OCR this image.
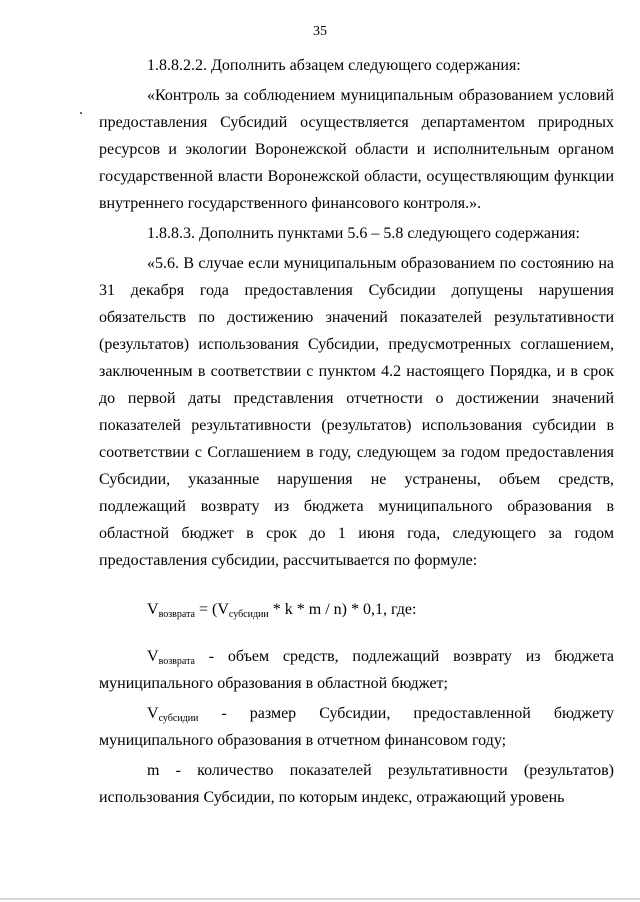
35

1.8.8.2.2. Дополнить абзацем следующего содержания:

«Контроль за соблюдением муниципальным образованием условий предоставления Субсидий осуществляется департаментом природных ресурсов и экологии Воронежской области и исполнительным органом государственной власти Воронежской области, осуществляющим функции внутреннего государственного финансового контроля.».

1.8.8.3. Дополнить пунктами 5.6 – 5.8 следующего содержания:

«5.6. В случае если муниципальным образованием по состоянию на 31 декабря года предоставления Субсидии допущены нарушения обязательств по достижению значений показателей результативности (результатов) использования Субсидии, предусмотренных соглашением, заключенным в соответствии с пунктом 4.2 настоящего Порядка, и в срок до первой даты представления отчетности о достижении значений показателей результативности (результатов) использования субсидии в соответствии с Соглашением в году, следующем за годом предоставления Субсидии, указанные нарушения не устранены, объем средств, подлежащий возврату из бюджета муниципального образования в областной бюджет в срок до 1 июня года, следующего за годом предоставления субсидии, рассчитывается по формуле:

$V_{возврата} = (V_{субсидии} * k * m / n) * 0,1$, где:

$V_{возврата}$ - объем средств, подлежащий возврату из бюджета муниципального образования в областной бюджет;

$V_{субсидии}$ - размер Субсидии, предоставленной бюджету муниципального образования в отчетном финансовом году;

m - количество показателей результативности (результатов) использования Субсидии, по которым индекс, отражающий уровень
